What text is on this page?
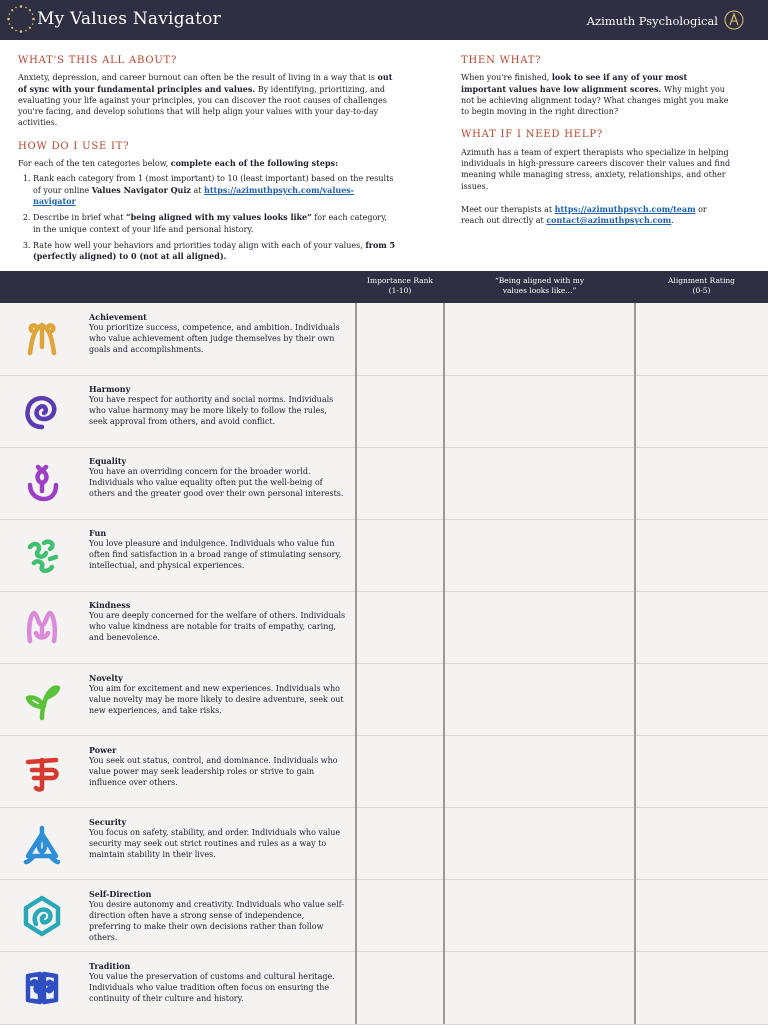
My Values Navigator	Azimuth Psychological
WHAT'S THIS ALL ABOUT?

Anxiety, depression, and career burnout can often be the result of living in a way that is out of sync with your fundamental principles and values. By identifying, prioritizing, and evaluating your life against your principles, you can discover the root causes of challenges you're facing, and develop solutions that will help align your values with your day-to-day activities.

HOW DO I USE IT?

For each of the ten categories below, complete each of the following steps:

1. Rank each category from 1 (most important) to 10 (least important) based on the results of your online Values Navigator Quiz at https://azimuthpsych.com/values-navigator
2. Describe in brief what “being aligned with my values looks like” for each category, in the unique context of your life and personal history.
3. Rate how well your behaviors and priorities today align with each of your values, from 5 (perfectly aligned) to 0 (not at all aligned).
THEN WHAT?

When you're finished, look to see if any of your most important values have low alignment scores. Why might you not be achieving alignment today? What changes might you make to begin moving in the right direction?

WHAT IF I NEED HELP?

Azimuth has a team of expert therapists who specialize in helping individuals in high-pressure careers discover their values and find meaning while managing stress, anxiety, relationships, and other issues.

Meet our therapists at https://azimuthpsych.com/team or reach out directly at contact@azimuthpsych.com.

Importance Rank
(1-10)
“Being aligned with my
values looks like...”
Alignment Rating
(0-5)
Achievement
You prioritize success, competence, and ambition. Individuals who value achievement often judge themselves by their own goals and accomplishments.
Harmony
You have respect for authority and social norms. Individuals who value harmony may be more likely to follow the rules, seek approval from others, and avoid conflict.
Equality
You have an overriding concern for the broader world. Individuals who value equality often put the well-being of others and the greater good over their own personal interests.
Fun
You love pleasure and indulgence. Individuals who value fun often find satisfaction in a broad range of stimulating sensory, intellectual, and physical experiences.
Kindness
You are deeply concerned for the welfare of others. Individuals who value kindness are notable for traits of empathy, caring, and benevolence.
Novelty
You aim for excitement and new experiences. Individuals who value novelty may be more likely to desire adventure, seek out new experiences, and take risks.
Power
You seek out status, control, and dominance. Individuals who value power may seek leadership roles or strive to gain influence over others.
Security
You focus on safety, stability, and order. Individuals who value security may seek out strict routines and rules as a way to maintain stability in their lives.
Self-Direction
You desire autonomy and creativity. Individuals who value self-direction often have a strong sense of independence, preferring to make their own decisions rather than follow others.
Tradition
You value the preservation of customs and cultural heritage. Individuals who value tradition often focus on ensuring the continuity of their culture and history.
